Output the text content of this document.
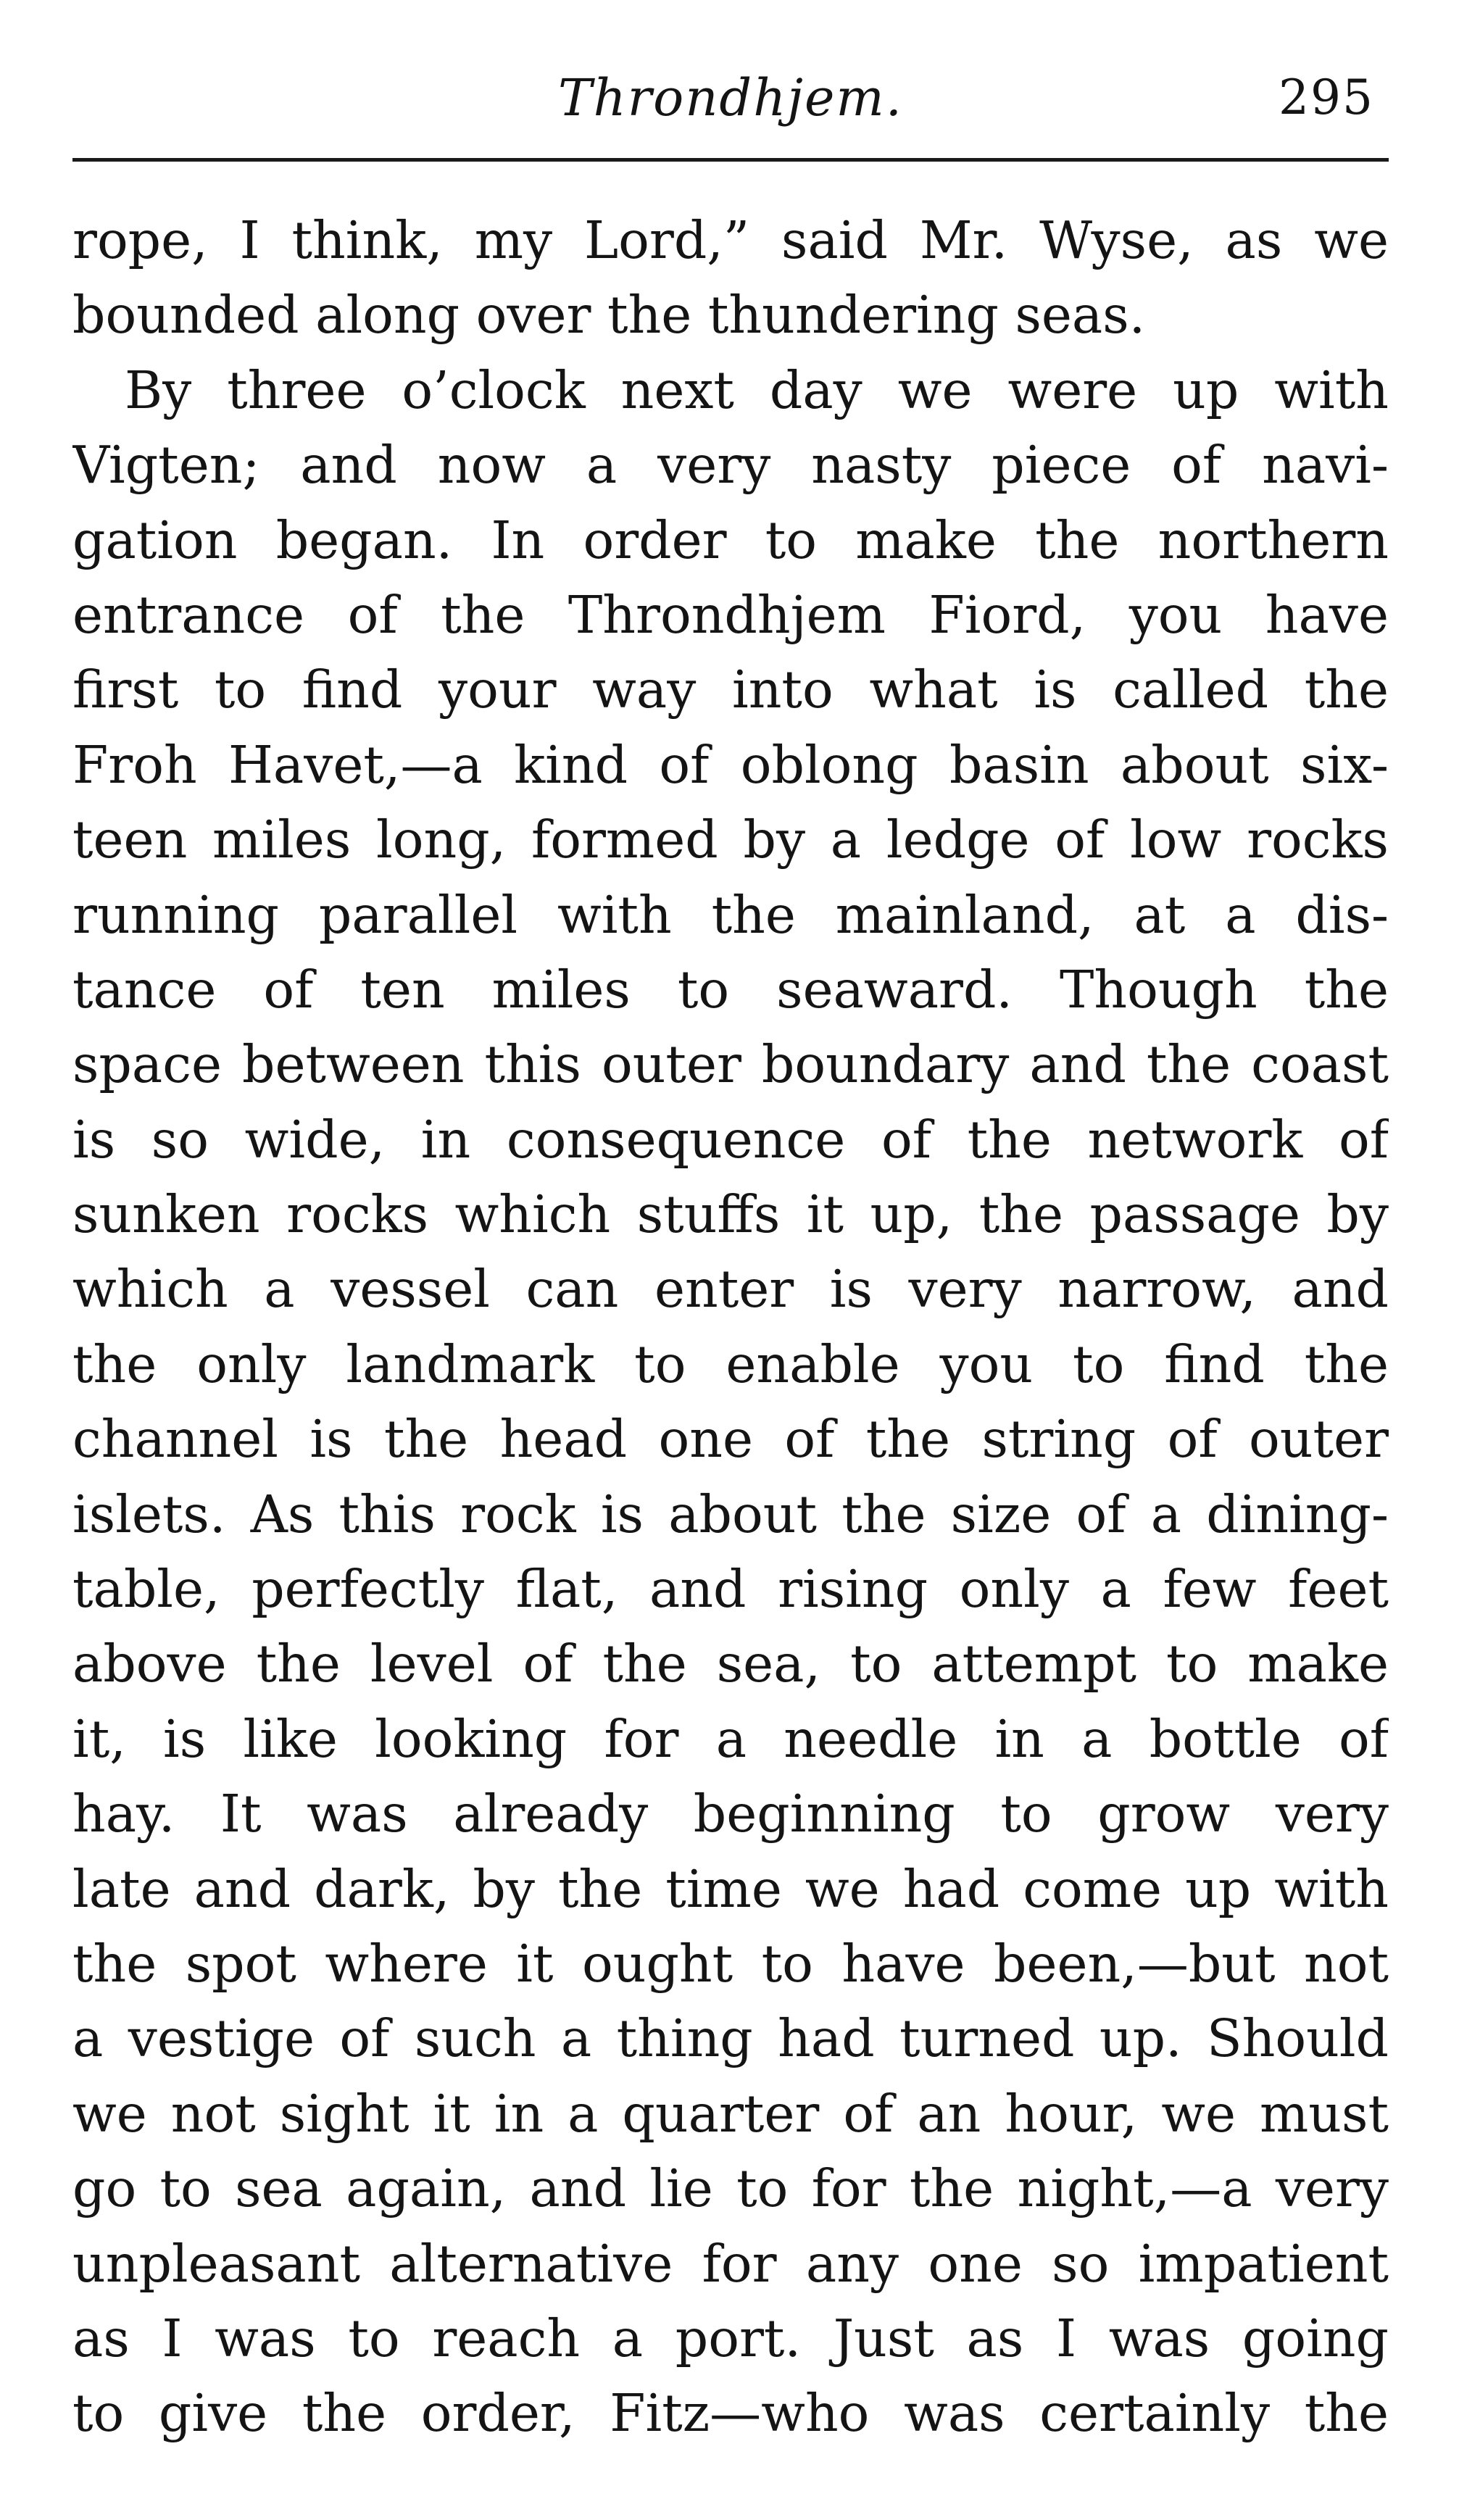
Throndhjem.	295
rope, I think, my Lord,” said Mr. Wyse, as we
bounded along over the thundering seas.
By three o’clock next day we were up with
Vigten; and now a very nasty piece of navi-
gation began. In order to make the northern
entrance of the Throndhjem Fiord, you have
first to find your way into what is called the
Froh Havet,—a kind of oblong basin about six-
teen miles long, formed by a ledge of low rocks
running parallel with the mainland, at a dis-
tance of ten miles to seaward. Though the
space between this outer boundary and the coast
is so wide, in consequence of the network of
sunken rocks which stuffs it up, the passage by
which a vessel can enter is very narrow, and
the only landmark to enable you to find the
channel is the head one of the string of outer
islets. As this rock is about the size of a dining-
table, perfectly flat, and rising only a few feet
above the level of the sea, to attempt to make
it, is like looking for a needle in a bottle of
hay. It was already beginning to grow very
late and dark, by the time we had come up with
the spot where it ought to have been,—but not
a vestige of such a thing had turned up. Should
we not sight it in a quarter of an hour, we must
go to sea again, and lie to for the night,—a very
unpleasant alternative for any one so impatient
as I was to reach a port. Just as I was going
to give the order, Fitz—who was certainly the
